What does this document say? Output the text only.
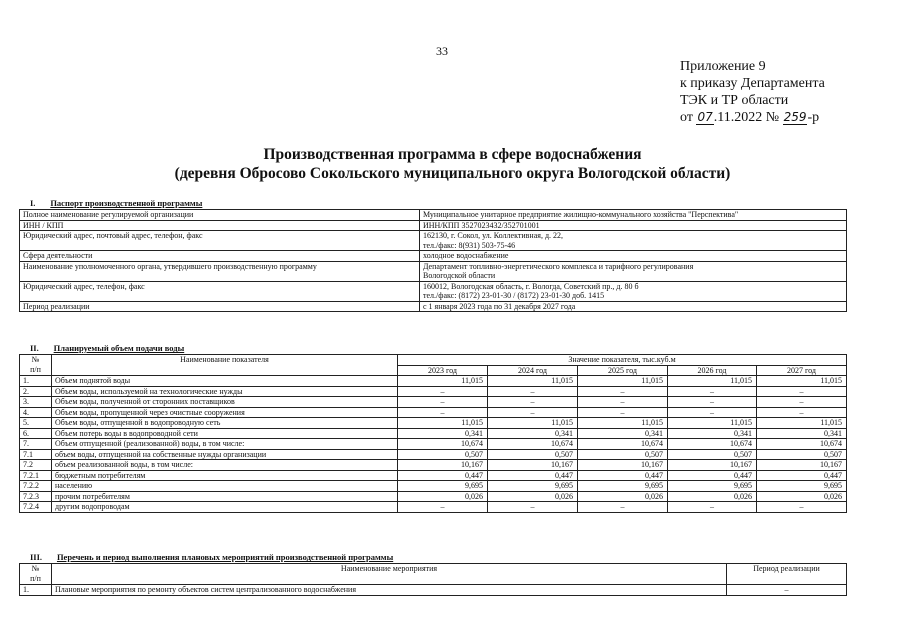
33
Приложение 9
к приказу Департамента
ТЭК и ТР области
от 07.11.2022 № 259-р
Производственная программа в сфере водоснабжения
(деревня Обросово Сокольского муниципального округа Вологодской области)
I. Паспорт производственной программы
Полное наименование регулируемой организации	Муниципальное унитарное предприятие жилищно-коммунального хозяйства "Перспектива"

ИНН / КПП	ИНН/КПП 3527023432/352701001

Юридический адрес, почтовый адрес, телефон, факс	162130, г. Сокол, ул. Коллективная, д. 22,
тел./факс: 8(931) 503-75-46

Сфера деятельности	холодное водоснабжение

Наименование уполномоченного органа, утвердившего производственную программу	Департамент топливно-энергетического комплекса и тарифного регулирования
Вологодской области

Юридический адрес, телефон, факс	160012, Вологодская область, г. Вологда, Советский пр., д. 80 б
тел./факс: (8172) 23-01-30 / (8172) 23-01-30 доб. 1415

Период реализации	с 1 января 2023 года по 31 декабря 2027 года
II. Планируемый объем подачи воды
№
п/п	Наименование показателя	Значение показателя, тыс.куб.м				
		2023 год	2024 год	2025 год	2026 год	2027 год
1.	Объем поднятой воды	11,015	11,015	11,015	11,015	11,015
2.	Объем воды, используемой на технологические нужды	–	–	–	–	–
3.	Объем воды, полученной от сторонних поставщиков	–	–	–	–	–
4.	Объем воды, пропущенной через очистные сооружения	–	–	–	–	–
5.	Объем воды, отпущенной в водопроводную сеть	11,015	11,015	11,015	11,015	11,015
6.	Объем потерь воды в водопроводной сети	0,341	0,341	0,341	0,341	0,341
7.	Объем отпущенной (реализованной) воды, в том числе:	10,674	10,674	10,674	10,674	10,674
7.1	объем воды, отпущенной на собственные нужды организации	0,507	0,507	0,507	0,507	0,507
7.2	объем реализованной воды, в том числе:	10,167	10,167	10,167	10,167	10,167
7.2.1	бюджетным потребителям	0,447	0,447	0,447	0,447	0,447
7.2.2	населению	9,695	9,695	9,695	9,695	9,695
7.2.3	прочим потребителям	0,026	0,026	0,026	0,026	0,026
7.2.4	другим водопроводам	–	–	–	–	–
III. Перечень и период выполнения плановых мероприятий производственной программы
№
п/п	Наименование мероприятия	Период реализации
1.	Плановые мероприятия по ремонту объектов систем централизованного водоснабжения	–
